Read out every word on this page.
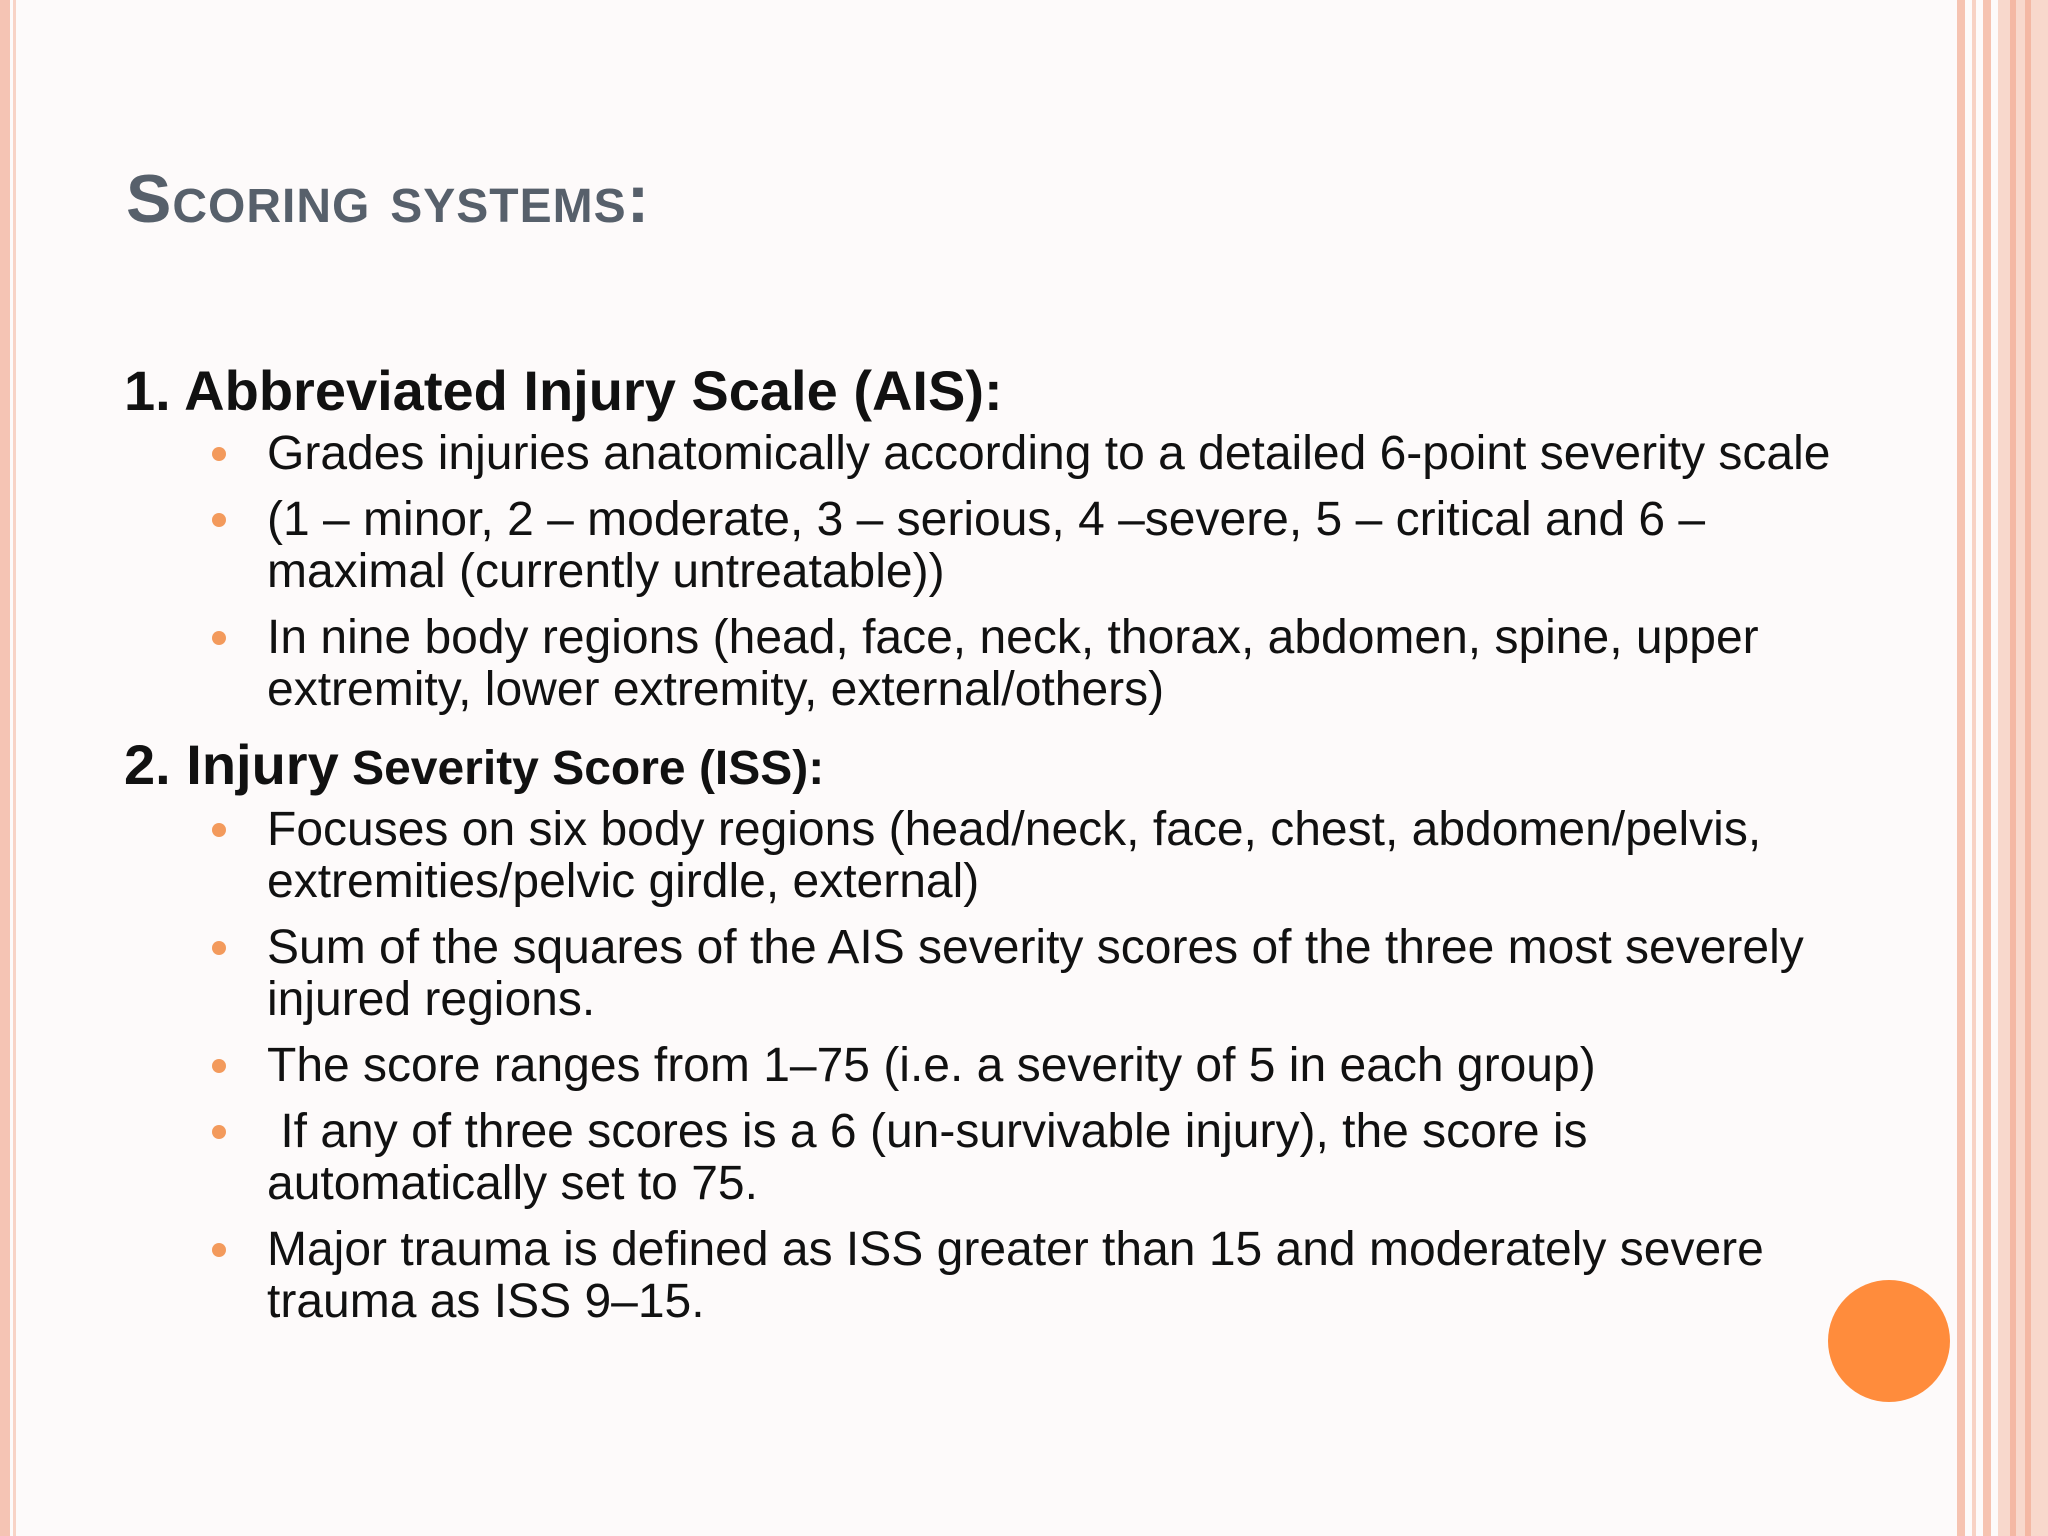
Scoring systems:
1. Abbreviated Injury Scale (AIS):
Grades injuries anatomically according to a detailed 6-point severity scale
(1 – minor, 2 – moderate, 3 – serious, 4 –severe, 5 – critical and 6 – maximal (currently untreatable))
In nine body regions (head, face, neck, thorax, abdomen, spine, upper extremity, lower extremity, external/others)
2. Injury Severity Score (ISS):
Focuses on six body regions (head/neck, face, chest, abdomen/pelvis, extremities/pelvic girdle, external)
Sum of the squares of the AIS severity scores of the three most severely injured regions.
The score ranges from 1–75 (i.e. a severity of 5 in each group)
If any of three scores is a 6 (un-survivable injury), the score is automatically set to 75.
Major trauma is defined as ISS greater than 15 and moderately severe trauma as ISS 9–15.
